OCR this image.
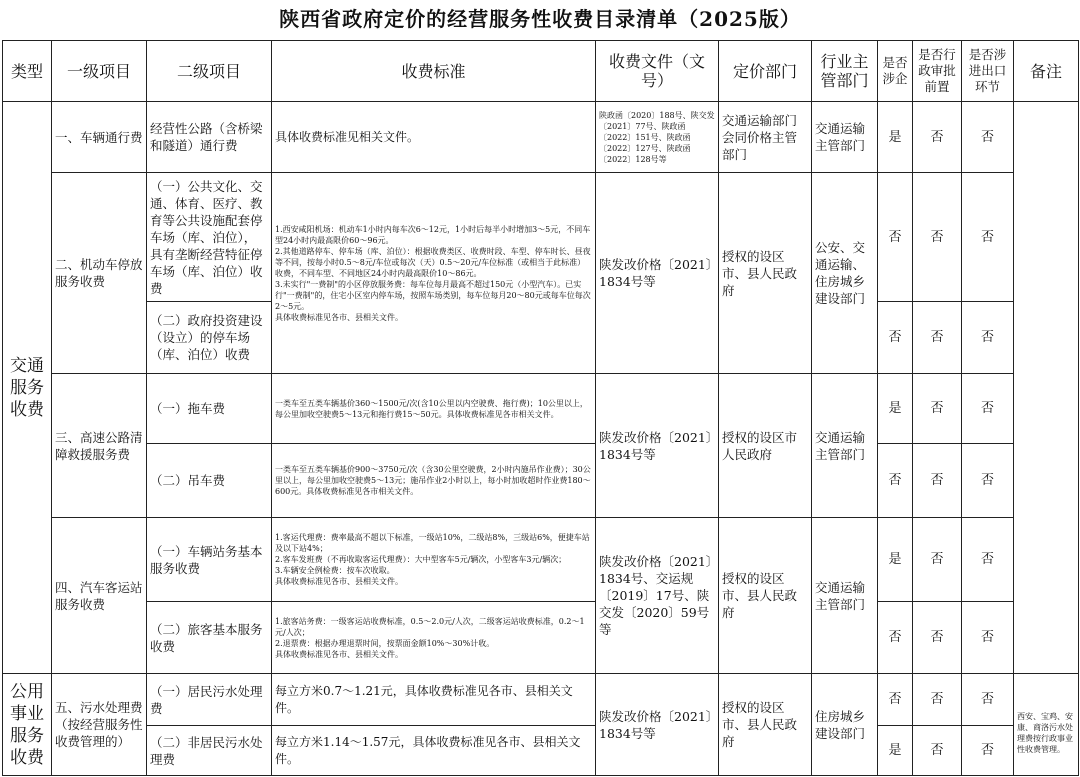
陕西省政府定价的经营服务性收费目录清单（2025版）
类型	一级项目	二级项目	收费标准	收费文件（文号）	定价部门	行业主管部门	是否涉企	是否行政审批前置	是否涉进出口环节	备注
交通服务收费	一、车辆通行费	经营性公路（含桥梁和隧道）通行费	具体收费标准见相关文件。	陕政函〔2020〕188号、陕交发〔2021〕77号、陕政函〔2022〕151号、陕政函〔2022〕127号、陕政函〔2022〕128号等	交通运输部门会同价格主管部门	交通运输主管部门	是	否	否	
	二、机动车停放服务收费	（一）公共文化、交通、体育、医疗、教育等公共设施配套停车场（库、泊位），具有垄断经营特征停车场（库、泊位）收费	1.西安咸阳机场：机动车1小时内每车次6～12元，1小时后每半小时增加3～5元，不同车型24小时内最高限价60～96元。
2.其他道路停车、停车场（库、泊位）：根据收费类区、收费时段、车型、停车时长、昼夜等不同，按每小时0.5～8元/车位或每次（天）0.5～20元/车位标准（或相当于此标准）收费，不同车型、不同地区24小时内最高限价10～86元。
3.未实行"一费制"的小区停放服务费：每车位每月最高不超过150元（小型汽车）。已实行"一费制"的，住宅小区室内停车场，按照车场类别，每车位每月20～80元或每车位每次2～5元。
具体收费标准见各市、县相关文件。	陕发改价格〔2021〕1834号等	授权的设区市、县人民政府	公安、交通运输、住房城乡建设部门	否	否	否	
		（二）政府投资建设（设立）的停车场（库、泊位）收费					否	否	否	
	三、高速公路清障救援服务费	（一）拖车费	一类车至五类车辆基价360～1500元/次(含10公里以内空驶费、拖行费)；10公里以上，每公里加收空驶费5～13元和拖行费15～50元。具体收费标准见各市相关文件。	陕发改价格〔2021〕1834号等	授权的设区市人民政府	交通运输主管部门	是	否	否	
		（二）吊车费	一类车至五类车辆基价900～3750元/次（含30公里空驶费，2小时内施吊作业费）；30公里以上，每公里加收空驶费5～13元；施吊作业2小时以上，每小时加收超时作业费180～600元。具体收费标准见各市相关文件。				否	否	否	
	四、汽车客运站服务收费	（一）车辆站务基本服务收费	1.客运代理费：费率最高不超以下标准，一级站10%，二级站8%，三级站6%，便捷车站及以下站4%；
2.客车发班费（不再收取客运代理费）：大中型客车5元/辆次，小型客车3元/辆次；
3.车辆安全例检费：按车次收取。
具体收费标准见各市、县相关文件。	陕发改价格〔2021〕1834号、交运规〔2019〕17号、陕交发〔2020〕59号等	授权的设区市、县人民政府	交通运输主管部门	是	否	否	
		（二）旅客基本服务收费	1.旅客站务费：一级客运站收费标准，0.5～2.0元/人次，二级客运站收费标准，0.2～1元/人次；
2.退票费：根据办理退票时间，按票面金额10%～30%计收。
具体收费标准见各市、县相关文件。				否	否	否	
公用事业服务收费	五、污水处理费（按经营服务性收费管理的）	（一）居民污水处理费	每立方米0.7～1.21元，具体收费标准见各市、县相关文件。	陕发改价格〔2021〕1834号等	授权的设区市、县人民政府	住房城乡建设部门	否	否	否	西安、宝鸡、安康、商洛污水处理费按行政事业性收费管理。
		（二）非居民污水处理费	每立方米1.14～1.57元，具体收费标准见各市、县相关文件。				是	否	否	
